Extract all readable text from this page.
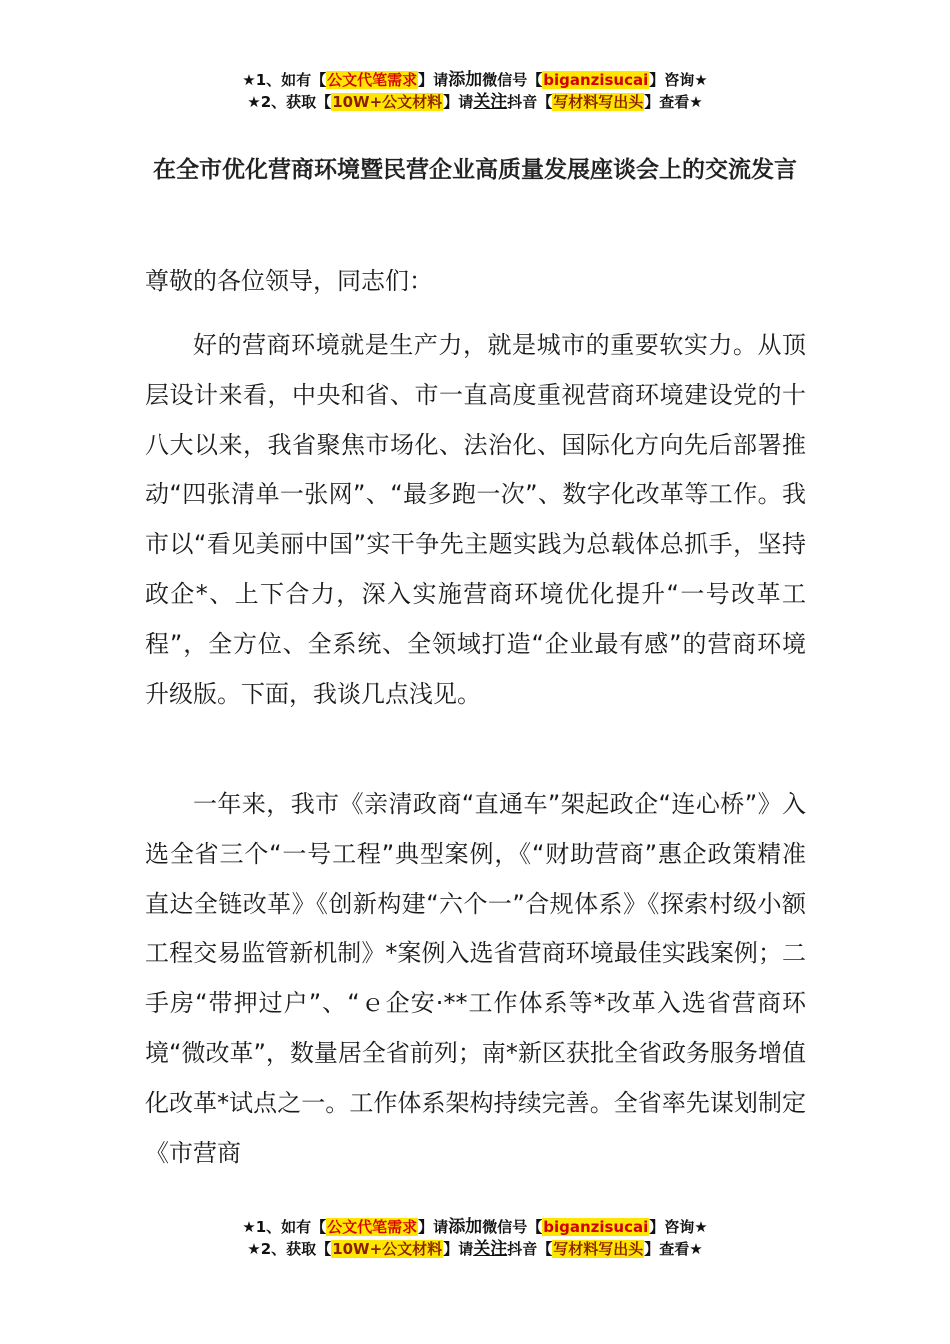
★1、如有【公文代笔需求】请添加微信号【biganzisucai】咨询★
★2、获取【10W+公文材料】请关注抖音【写材料写出头】查看★
在全市优化营商环境暨民营企业高质量发展座谈会上的交流发言
尊敬的各位领导，同志们：
好的营商环境就是生产力，就是城市的重要软实力。从顶层设计来看，中央和省、市一直高度重视营商环境建设党的十八大以来，我省聚焦市场化、法治化、国际化方向先后部署推动“四张清单一张网”、“最多跑一次”、数字化改革等工作。我市以“看见美丽中国”实干争先主题实践为总载体总抓手，坚持政企*、上下合力，深入实施营商环境优化提升“一号改革工程”，全方位、全系统、全领域打造“企业最有感”的营商环境升级版。下面，我谈几点浅见。
一年来，我市《亲清政商“直通车”架起政企“连心桥”》入选全省三个“一号工程”典型案例，《“财助营商”惠企政策精准直达全链改革》《创新构建“六个一”合规体系》《探索村级小额工程交易监管新机制》*案例入选省营商环境最佳实践案例；二手房“带押过户”、“ｅ企安·**工作体系等*改革入选省营商环境“微改革”，数量居全省前列；南*新区获批全省政务服务增值化改革*试点之一。工作体系架构持续完善。全省率先谋划制定《市营商
★1、如有【公文代笔需求】请添加微信号【biganzisucai】咨询★
★2、获取【10W+公文材料】请关注抖音【写材料写出头】查看★
